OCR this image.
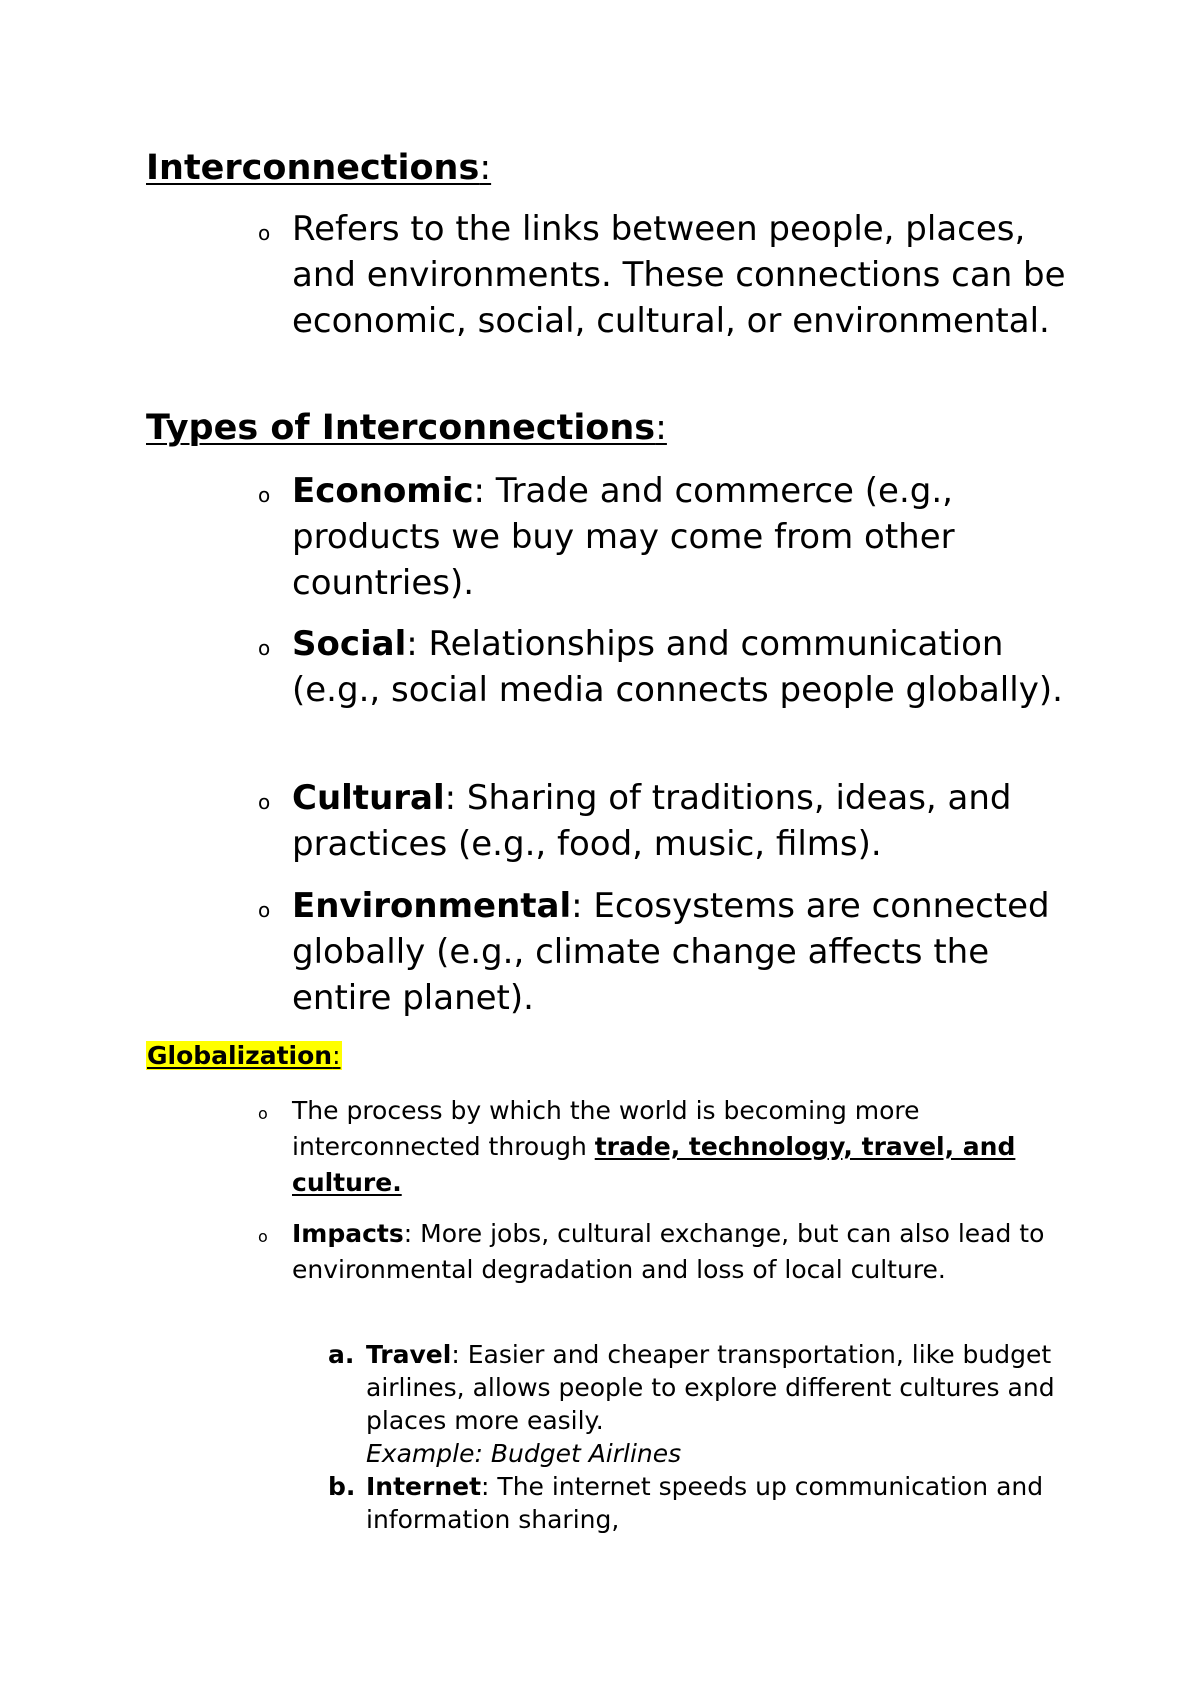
Interconnections:
o Refers to the links between people, places, and environments. These connections can be economic, social, cultural, or environmental.
Types of Interconnections:
o Economic: Trade and commerce (e.g., products we buy may come from other countries).
o Social: Relationships and communication (e.g., social media connects people globally).
o Cultural: Sharing of traditions, ideas, and practices (e.g., food, music, films).
o Environmental: Ecosystems are connected globally (e.g., climate change affects the entire planet).
Globalization:
o The process by which the world is becoming more interconnected through trade, technology, travel, and culture.
o Impacts: More jobs, cultural exchange, but can also lead to environmental degradation and loss of local culture.
a. Travel: Easier and cheaper transportation, like budget airlines, allows people to explore different cultures and places more easily.
Example: Budget Airlines
b. Internet: The internet speeds up communication and information sharing,
